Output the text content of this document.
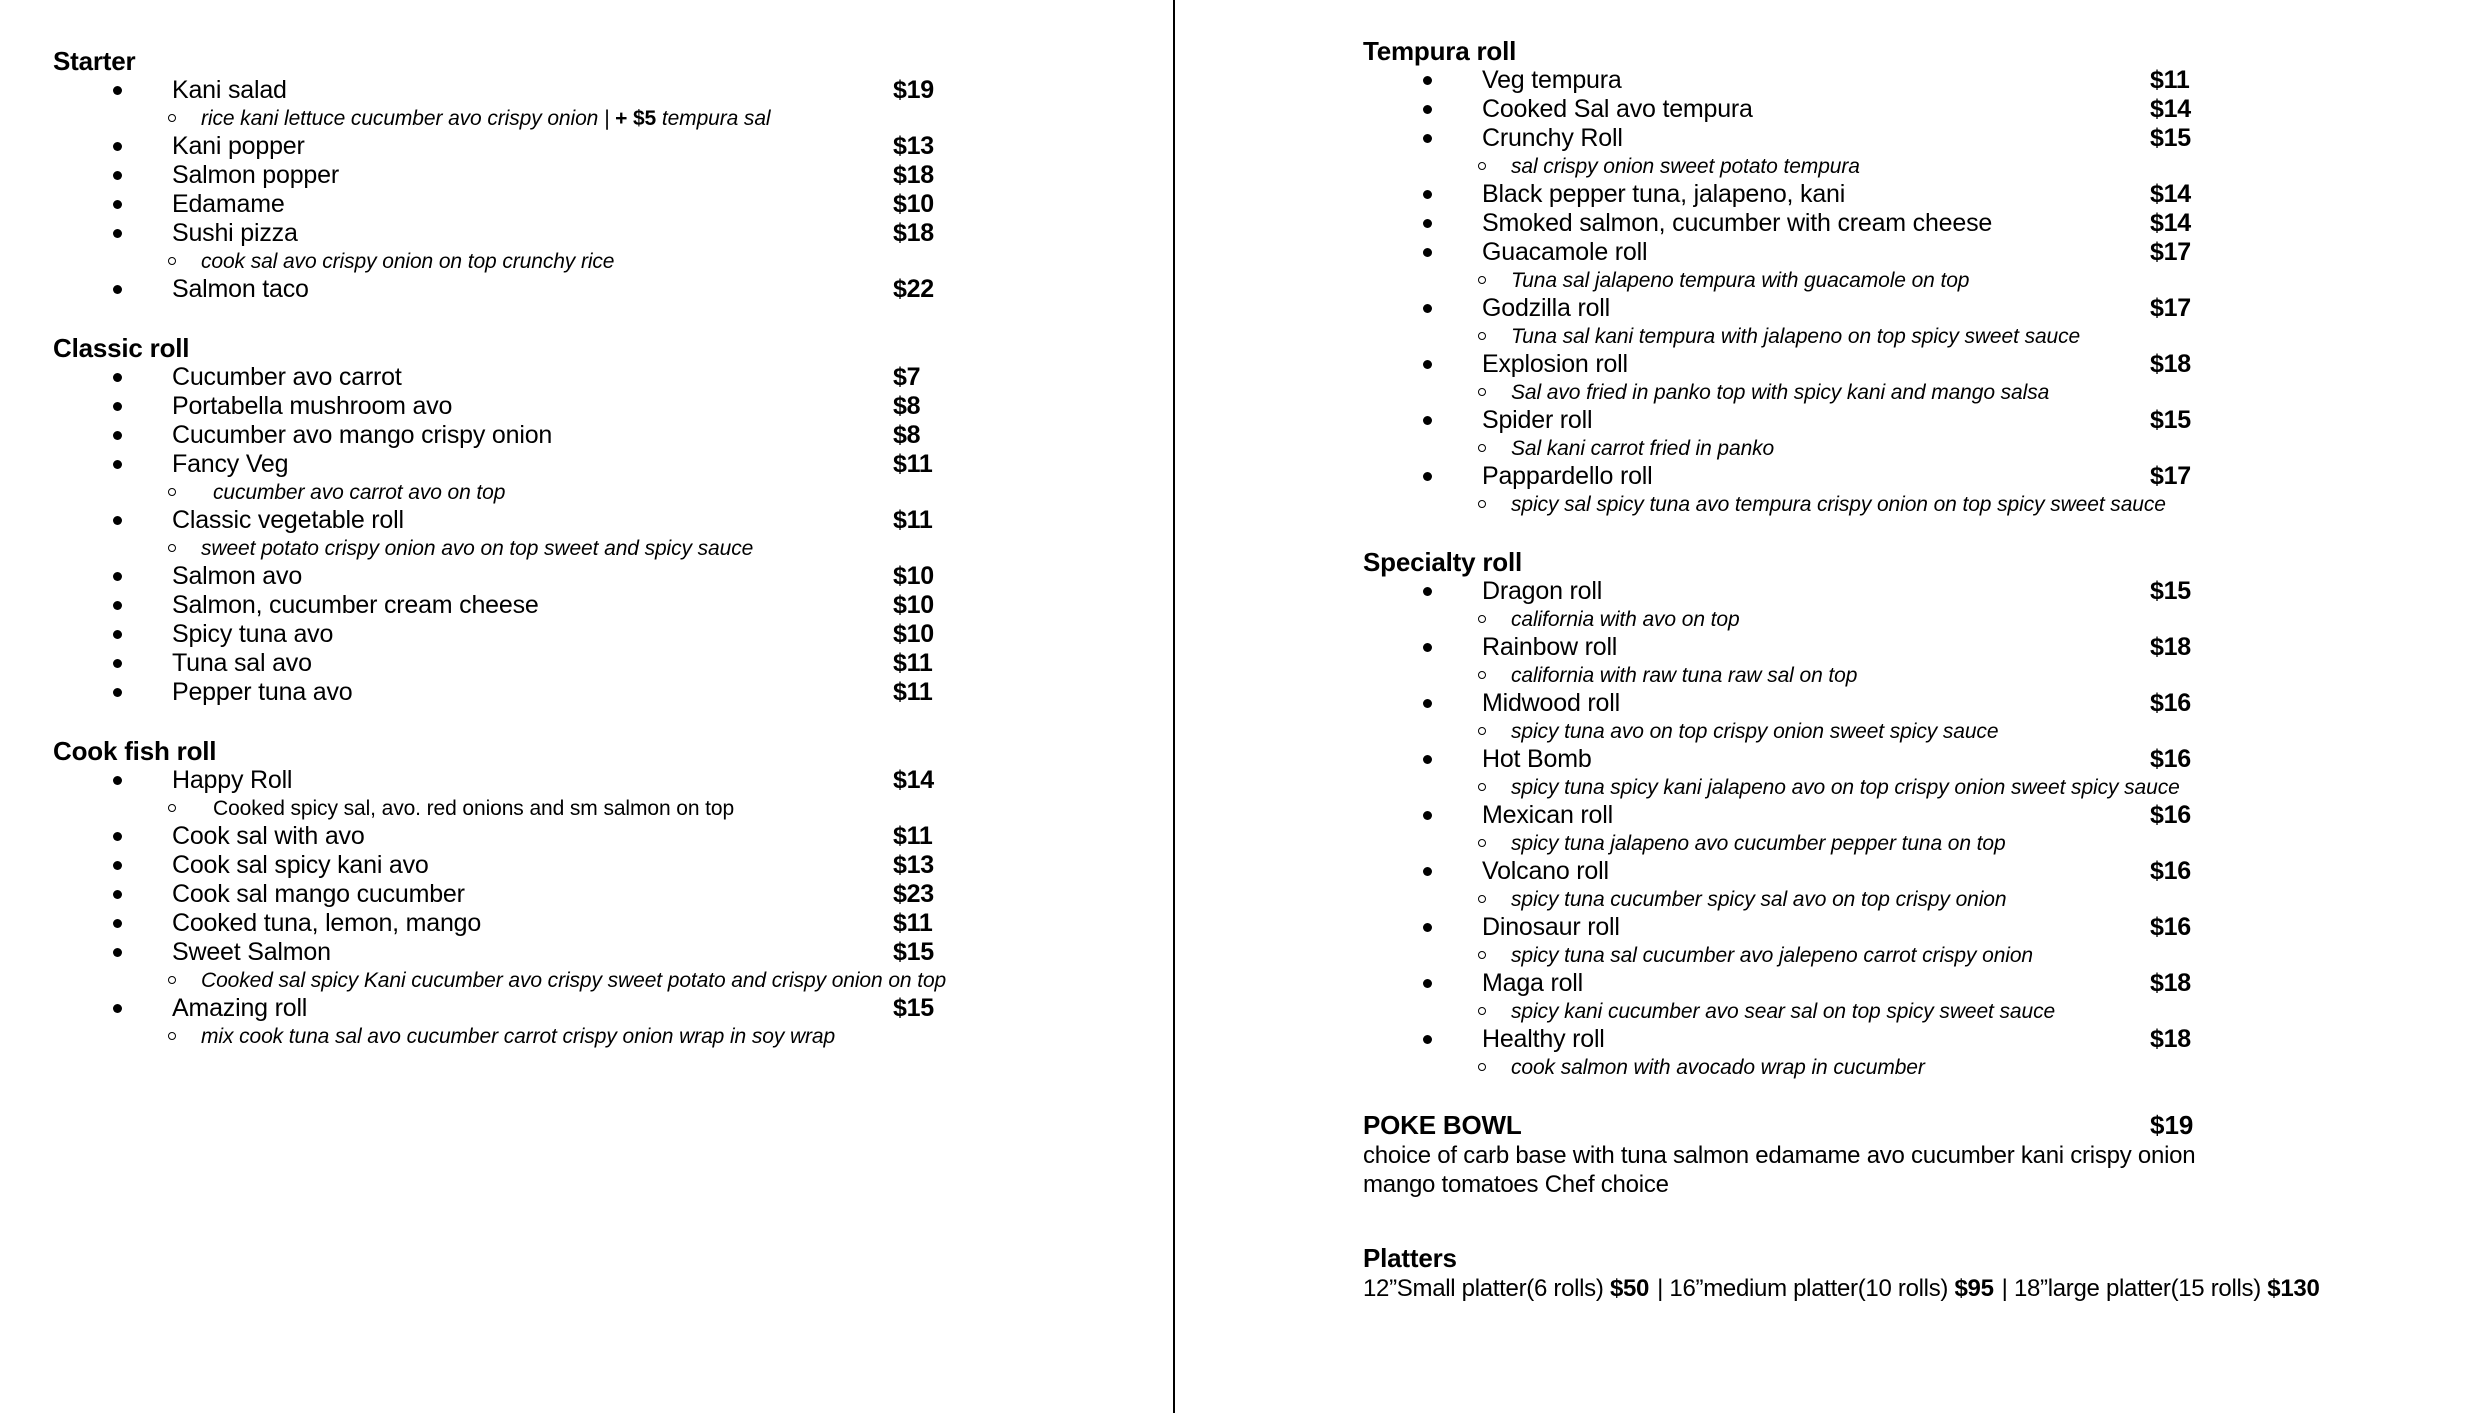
Starter
Kani salad	$19
rice kani lettuce cucumber avo crispy onion | + $5 tempura sal
Kani popper	$13
Salmon popper	$18
Edamame	$10
Sushi pizza	$18
cook sal avo crispy onion on top crunchy rice
Salmon taco	$22
Classic roll
Cucumber avo carrot	$7
Portabella mushroom avo	$8
Cucumber avo mango crispy onion	$8
Fancy Veg	$11
cucumber avo carrot avo on top
Classic vegetable roll	$11
sweet potato crispy onion avo on top sweet and spicy sauce
Salmon avo	$10
Salmon, cucumber cream cheese	$10
Spicy tuna avo	$10
Tuna sal avo	$11
Pepper tuna avo	$11
Cook fish roll
Happy Roll	$14
Cooked spicy sal, avo. red onions and sm salmon on top
Cook sal with avo	$11
Cook sal spicy kani avo	$13
Cook sal mango cucumber	$23
Cooked tuna, lemon, mango	$11
Sweet Salmon	$15
Cooked sal spicy Kani cucumber avo crispy sweet potato and crispy onion on top
Amazing roll	$15
mix cook tuna sal avo cucumber carrot crispy onion wrap in soy wrap
Tempura roll
Veg tempura	$11
Cooked Sal avo tempura	$14
Crunchy Roll	$15
sal crispy onion sweet potato tempura
Black pepper tuna, jalapeno, kani	$14
Smoked salmon, cucumber with cream cheese	$14
Guacamole roll	$17
Tuna sal jalapeno tempura with guacamole on top
Godzilla roll	$17
Tuna sal kani tempura with jalapeno on top spicy sweet sauce
Explosion roll	$18
Sal avo fried in panko top with spicy kani and mango salsa
Spider roll	$15
Sal kani carrot fried in panko
Pappardello roll	$17
spicy sal spicy tuna avo tempura crispy onion on top spicy sweet sauce
Specialty roll
Dragon roll	$15
california with avo on top
Rainbow roll	$18
california with raw tuna raw sal on top
Midwood roll	$16
spicy tuna avo on top crispy onion sweet spicy sauce
Hot Bomb	$16
spicy tuna spicy kani jalapeno avo on top crispy onion sweet spicy sauce
Mexican roll	$16
spicy tuna jalapeno avo cucumber pepper tuna on top
Volcano roll	$16
spicy tuna cucumber spicy sal avo on top crispy onion
Dinosaur roll	$16
spicy tuna sal cucumber avo jalepeno carrot crispy onion
Maga roll	$18
spicy kani cucumber avo sear sal on top spicy sweet sauce
Healthy roll	$18
cook salmon with avocado wrap in cucumber
POKE BOWL	$19
choice of carb base with tuna salmon edamame avo cucumber kani crispy onion mango tomatoes Chef choice
Platters
12”Small platter(6 rolls) $50 | 16”medium platter(10 rolls) $95 | 18”large platter(15 rolls) $130
